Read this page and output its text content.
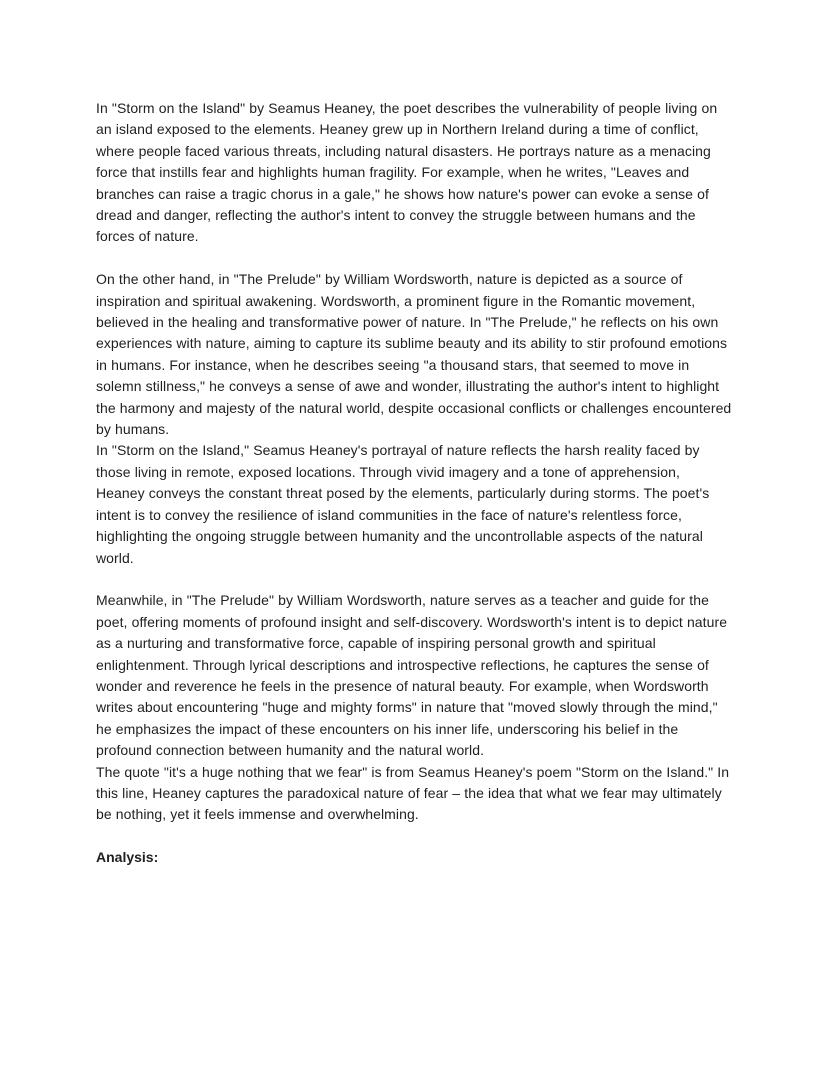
In "Storm on the Island" by Seamus Heaney, the poet describes the vulnerability of people living on an island exposed to the elements. Heaney grew up in Northern Ireland during a time of conflict, where people faced various threats, including natural disasters. He portrays nature as a menacing force that instills fear and highlights human fragility. For example, when he writes, "Leaves and branches can raise a tragic chorus in a gale," he shows how nature's power can evoke a sense of dread and danger, reflecting the author's intent to convey the struggle between humans and the forces of nature.

On the other hand, in "The Prelude" by William Wordsworth, nature is depicted as a source of inspiration and spiritual awakening. Wordsworth, a prominent figure in the Romantic movement, believed in the healing and transformative power of nature. In "The Prelude," he reflects on his own experiences with nature, aiming to capture its sublime beauty and its ability to stir profound emotions in humans. For instance, when he describes seeing "a thousand stars, that seemed to move in solemn stillness," he conveys a sense of awe and wonder, illustrating the author's intent to highlight the harmony and majesty of the natural world, despite occasional conflicts or challenges encountered by humans.

In "Storm on the Island," Seamus Heaney's portrayal of nature reflects the harsh reality faced by those living in remote, exposed locations. Through vivid imagery and a tone of apprehension, Heaney conveys the constant threat posed by the elements, particularly during storms. The poet's intent is to convey the resilience of island communities in the face of nature's relentless force, highlighting the ongoing struggle between humanity and the uncontrollable aspects of the natural world.

Meanwhile, in "The Prelude" by William Wordsworth, nature serves as a teacher and guide for the poet, offering moments of profound insight and self-discovery. Wordsworth's intent is to depict nature as a nurturing and transformative force, capable of inspiring personal growth and spiritual enlightenment. Through lyrical descriptions and introspective reflections, he captures the sense of wonder and reverence he feels in the presence of natural beauty. For example, when Wordsworth writes about encountering "huge and mighty forms" in nature that "moved slowly through the mind," he emphasizes the impact of these encounters on his inner life, underscoring his belief in the profound connection between humanity and the natural world.

The quote "it's a huge nothing that we fear" is from Seamus Heaney's poem "Storm on the Island." In this line, Heaney captures the paradoxical nature of fear – the idea that what we fear may ultimately be nothing, yet it feels immense and overwhelming.

Analysis:
